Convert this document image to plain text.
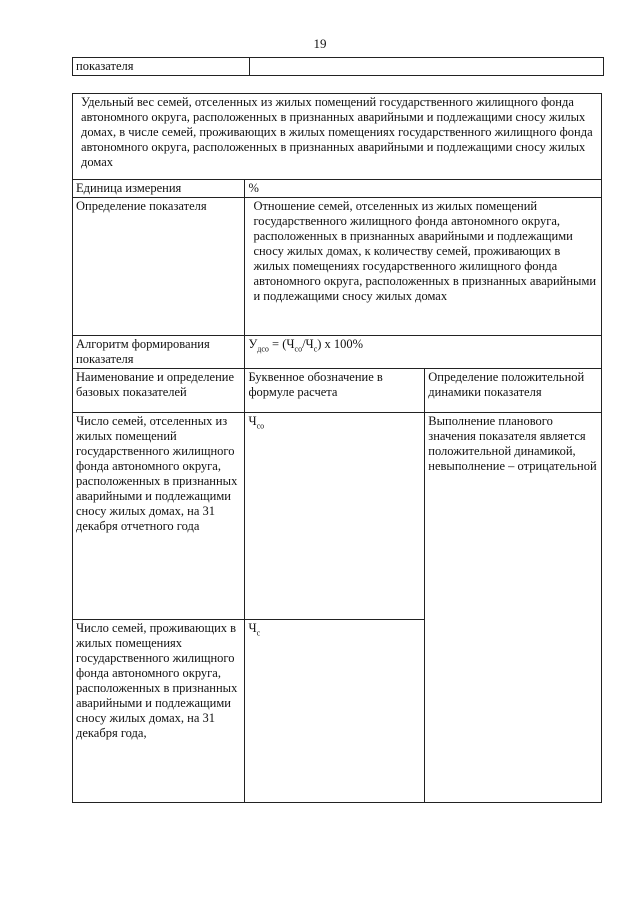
19
показателя	
Удельный вес семей, отселенных из жилых помещений государственного жилищного фонда автономного округа, расположенных в признанных аварийными и подлежащими сносу жилых домах, в числе семей, проживающих в жилых помещениях государственного жилищного фонда автономного округа, расположенных в признанных аварийными и подлежащими сносу жилых домах		
Единица измерения	%	
Определение показателя	Отношение семей, отселенных из жилых помещений государственного жилищного фонда автономного округа, расположенных в признанных аварийными и подлежащими сносу жилых домах, к количеству семей, проживающих в жилых помещениях государственного жилищного фонда автономного округа, расположенных в признанных аварийными и подлежащими сносу жилых домах	
Алгоритм формирования показателя	$У_{дсо} = (Ч_{со}/Ч_с)$ x 100%	
Наименование и определение базовых показателей	Буквенное обозначение в формуле расчета	Определение положительной динамики показателя
Число семей, отселенных из жилых помещений государственного жилищного фонда автономного округа, расположенных в признанных аварийными и подлежащими сносу жилых домах, на 31 декабря отчетного года	$Ч_{со}$	Выполнение планового значения показателя является положительной динамикой, невыполнение – отрицательной
Число семей, проживающих в жилых помещениях государственного жилищного фонда автономного округа, расположенных в признанных аварийными и подлежащими сносу жилых домах, на 31 декабря года,	$Ч_с$
